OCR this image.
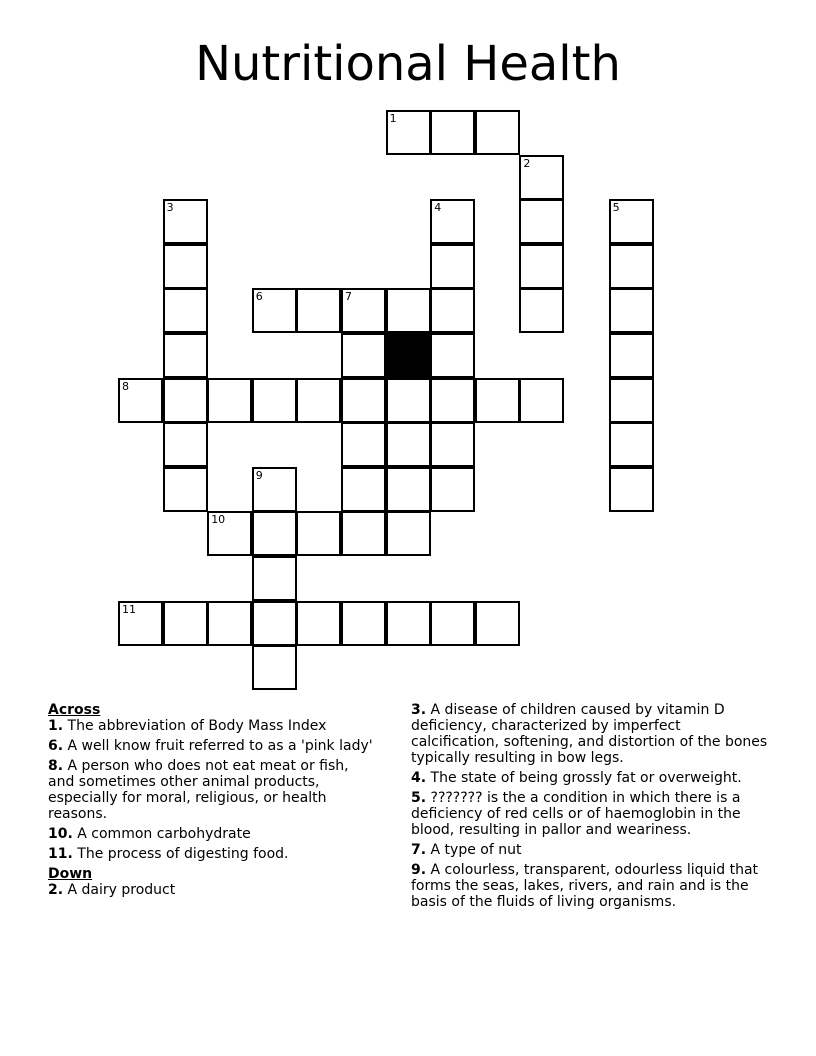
Nutritional Health
1
2
3	4	5
6	7
8
9
10
11
Across
1. The abbreviation of Body Mass Index
6. A well know fruit referred to as a 'pink lady'
8. A person who does not eat meat or fish, and sometimes other animal products, especially for moral, religious, or health reasons.
10. A common carbohydrate
11. The process of digesting food.
Down
2. A dairy product
3. A disease of children caused by vitamin D deficiency, characterized by imperfect calcification, softening, and distortion of the bones typically resulting in bow legs.
4. The state of being grossly fat or overweight.
5. ??????? is the a condition in which there is a deficiency of red cells or of haemoglobin in the blood, resulting in pallor and weariness.
7. A type of nut
9. A colourless, transparent, odourless liquid that forms the seas, lakes, rivers, and rain and is the basis of the fluids of living organisms.
